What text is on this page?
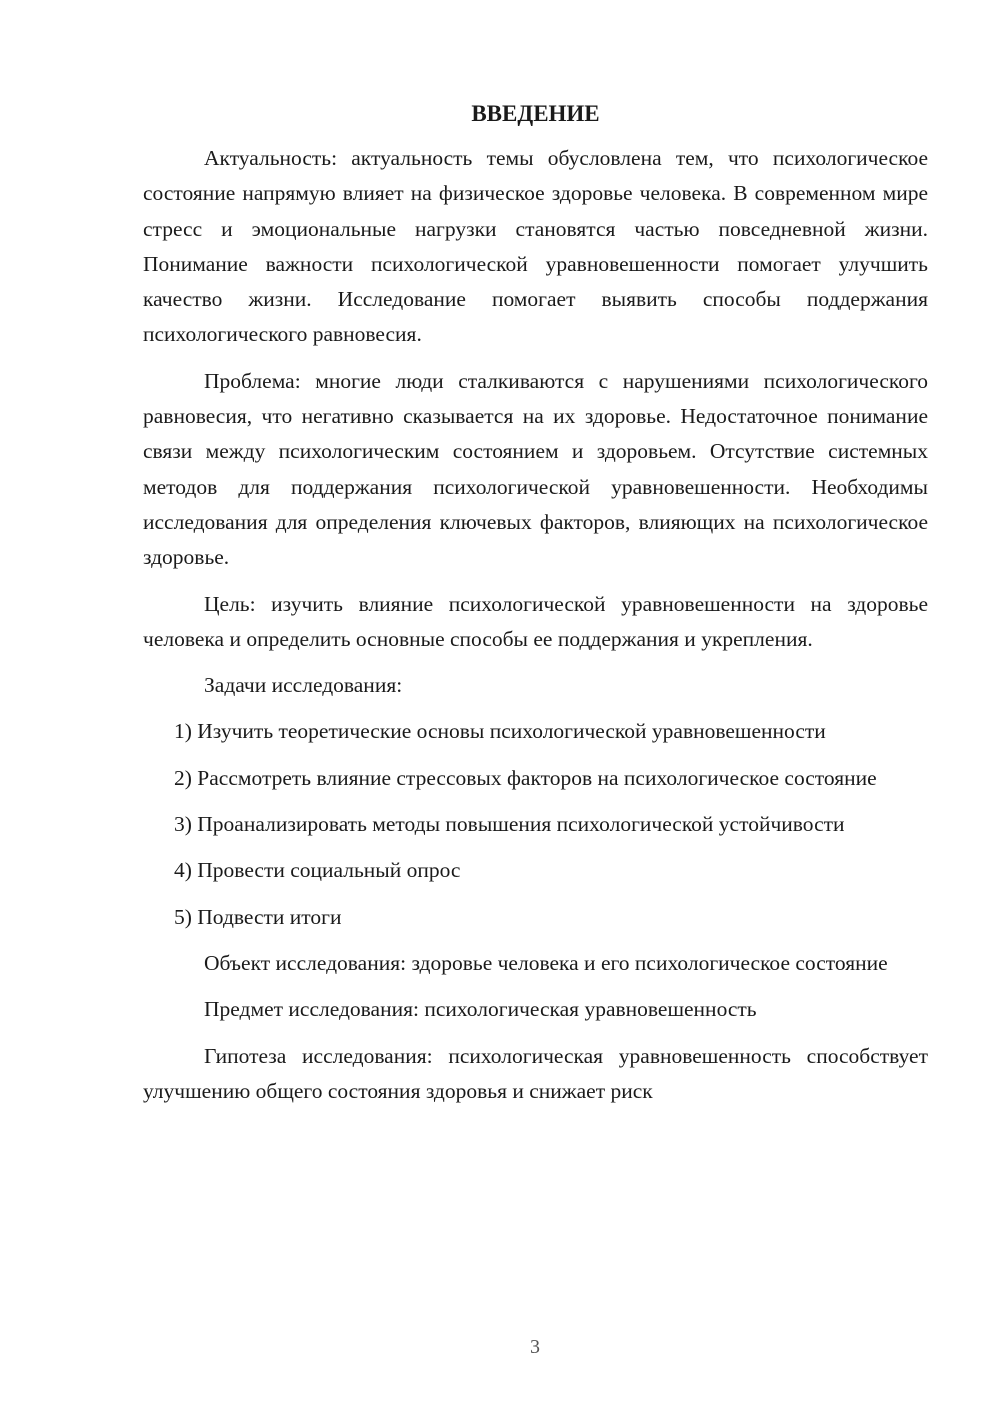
ВВЕДЕНИЕ

Актуальность: актуальность темы обусловлена тем, что психологическое состояние напрямую влияет на физическое здоровье человека. В современном мире стресс и эмоциональные нагрузки становятся частью повседневной жизни. Понимание важности психологической уравновешенности помогает улучшить качество жизни. Исследование помогает выявить способы поддержания психологического равновесия.

Проблема: многие люди сталкиваются с нарушениями психологического равновесия, что негативно сказывается на их здоровье. Недостаточное понимание связи между психологическим состоянием и здоровьем. Отсутствие системных методов для поддержания психологической уравновешенности. Необходимы исследования для определения ключевых факторов, влияющих на психологическое здоровье.

Цель: изучить влияние психологической уравновешенности на здоровье человека и определить основные способы ее поддержания и укрепления.

Задачи исследования:

1) Изучить теоретические основы психологической уравновешенности

2) Рассмотреть влияние стрессовых факторов на психологическое состояние

3) Проанализировать методы повышения психологической устойчивости

4) Провести социальный опрос

5) Подвести итоги

Объект исследования: здоровье человека и его психологическое состояние

Предмет исследования: психологическая уравновешенность

Гипотеза исследования: психологическая уравновешенность способствует улучшению общего состояния здоровья и снижает риск

3
